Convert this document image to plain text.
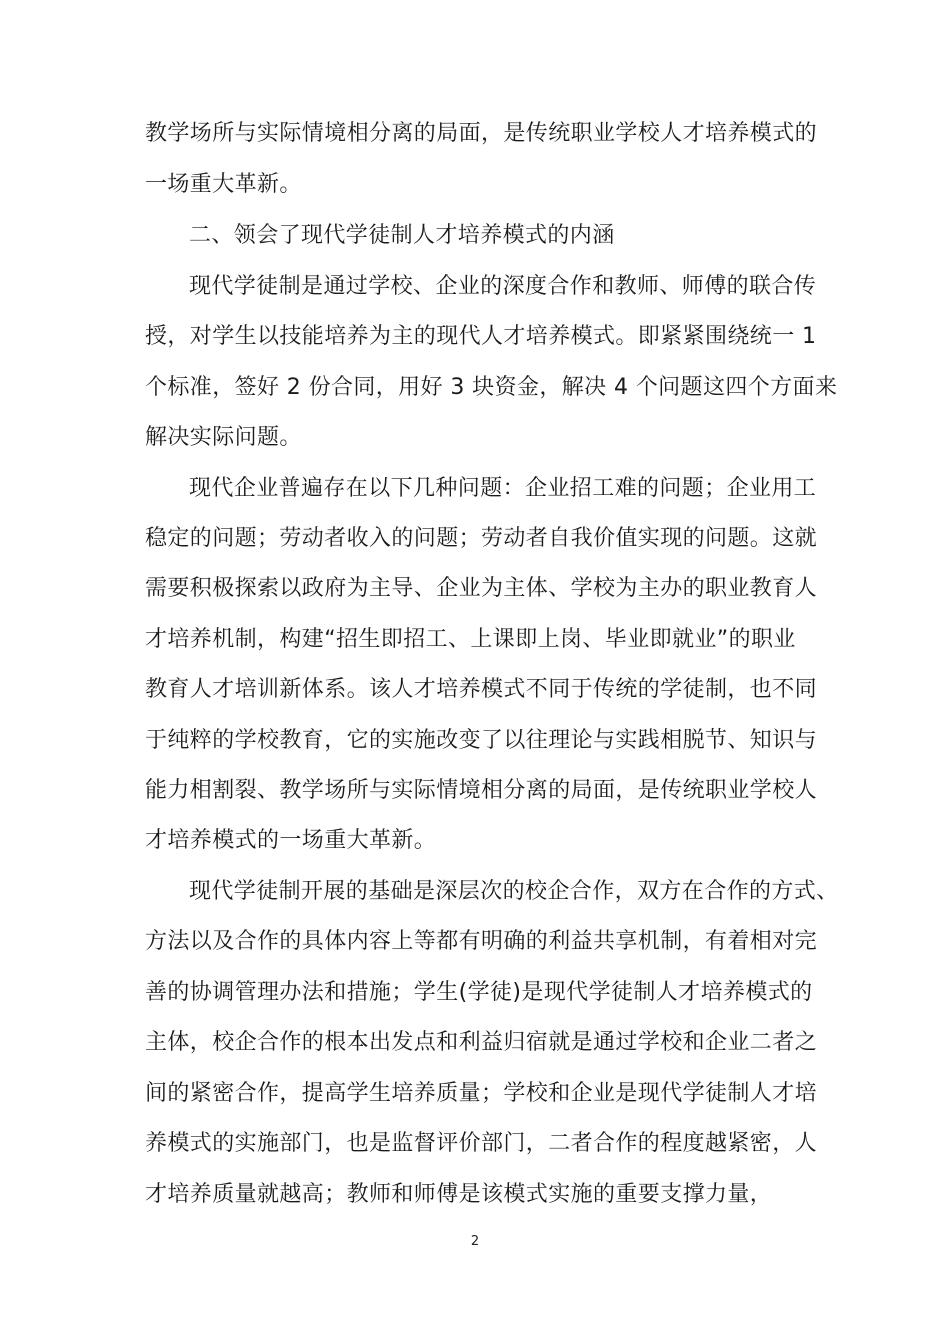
教学场所与实际情境相分离的局面，是传统职业学校人才培养模式的
一场重大革新。
二、领会了现代学徒制人才培养模式的内涵
现代学徒制是通过学校、企业的深度合作和教师、师傅的联合传
授，对学生以技能培养为主的现代人才培养模式。即紧紧围绕统一 1
个标准，签好 2 份合同，用好 3 块资金，解决 4 个问题这四个方面来
解决实际问题。
现代企业普遍存在以下几种问题：企业招工难的问题；企业用工
稳定的问题；劳动者收入的问题；劳动者自我价值实现的问题。这就
需要积极探索以政府为主导、企业为主体、学校为主办的职业教育人
才培养机制，构建“招生即招工、上课即上岗、毕业即就业”的职业
教育人才培训新体系。该人才培养模式不同于传统的学徒制，也不同
于纯粹的学校教育，它的实施改变了以往理论与实践相脱节、知识与
能力相割裂、教学场所与实际情境相分离的局面，是传统职业学校人
才培养模式的一场重大革新。
现代学徒制开展的基础是深层次的校企合作，双方在合作的方式、
方法以及合作的具体内容上等都有明确的利益共享机制，有着相对完
善的协调管理办法和措施；学生(学徒)是现代学徒制人才培养模式的
主体，校企合作的根本出发点和利益归宿就是通过学校和企业二者之
间的紧密合作，提高学生培养质量；学校和企业是现代学徒制人才培
养模式的实施部门，也是监督评价部门，二者合作的程度越紧密，人
才培养质量就越高；教师和师傅是该模式实施的重要支撑力量，
2
